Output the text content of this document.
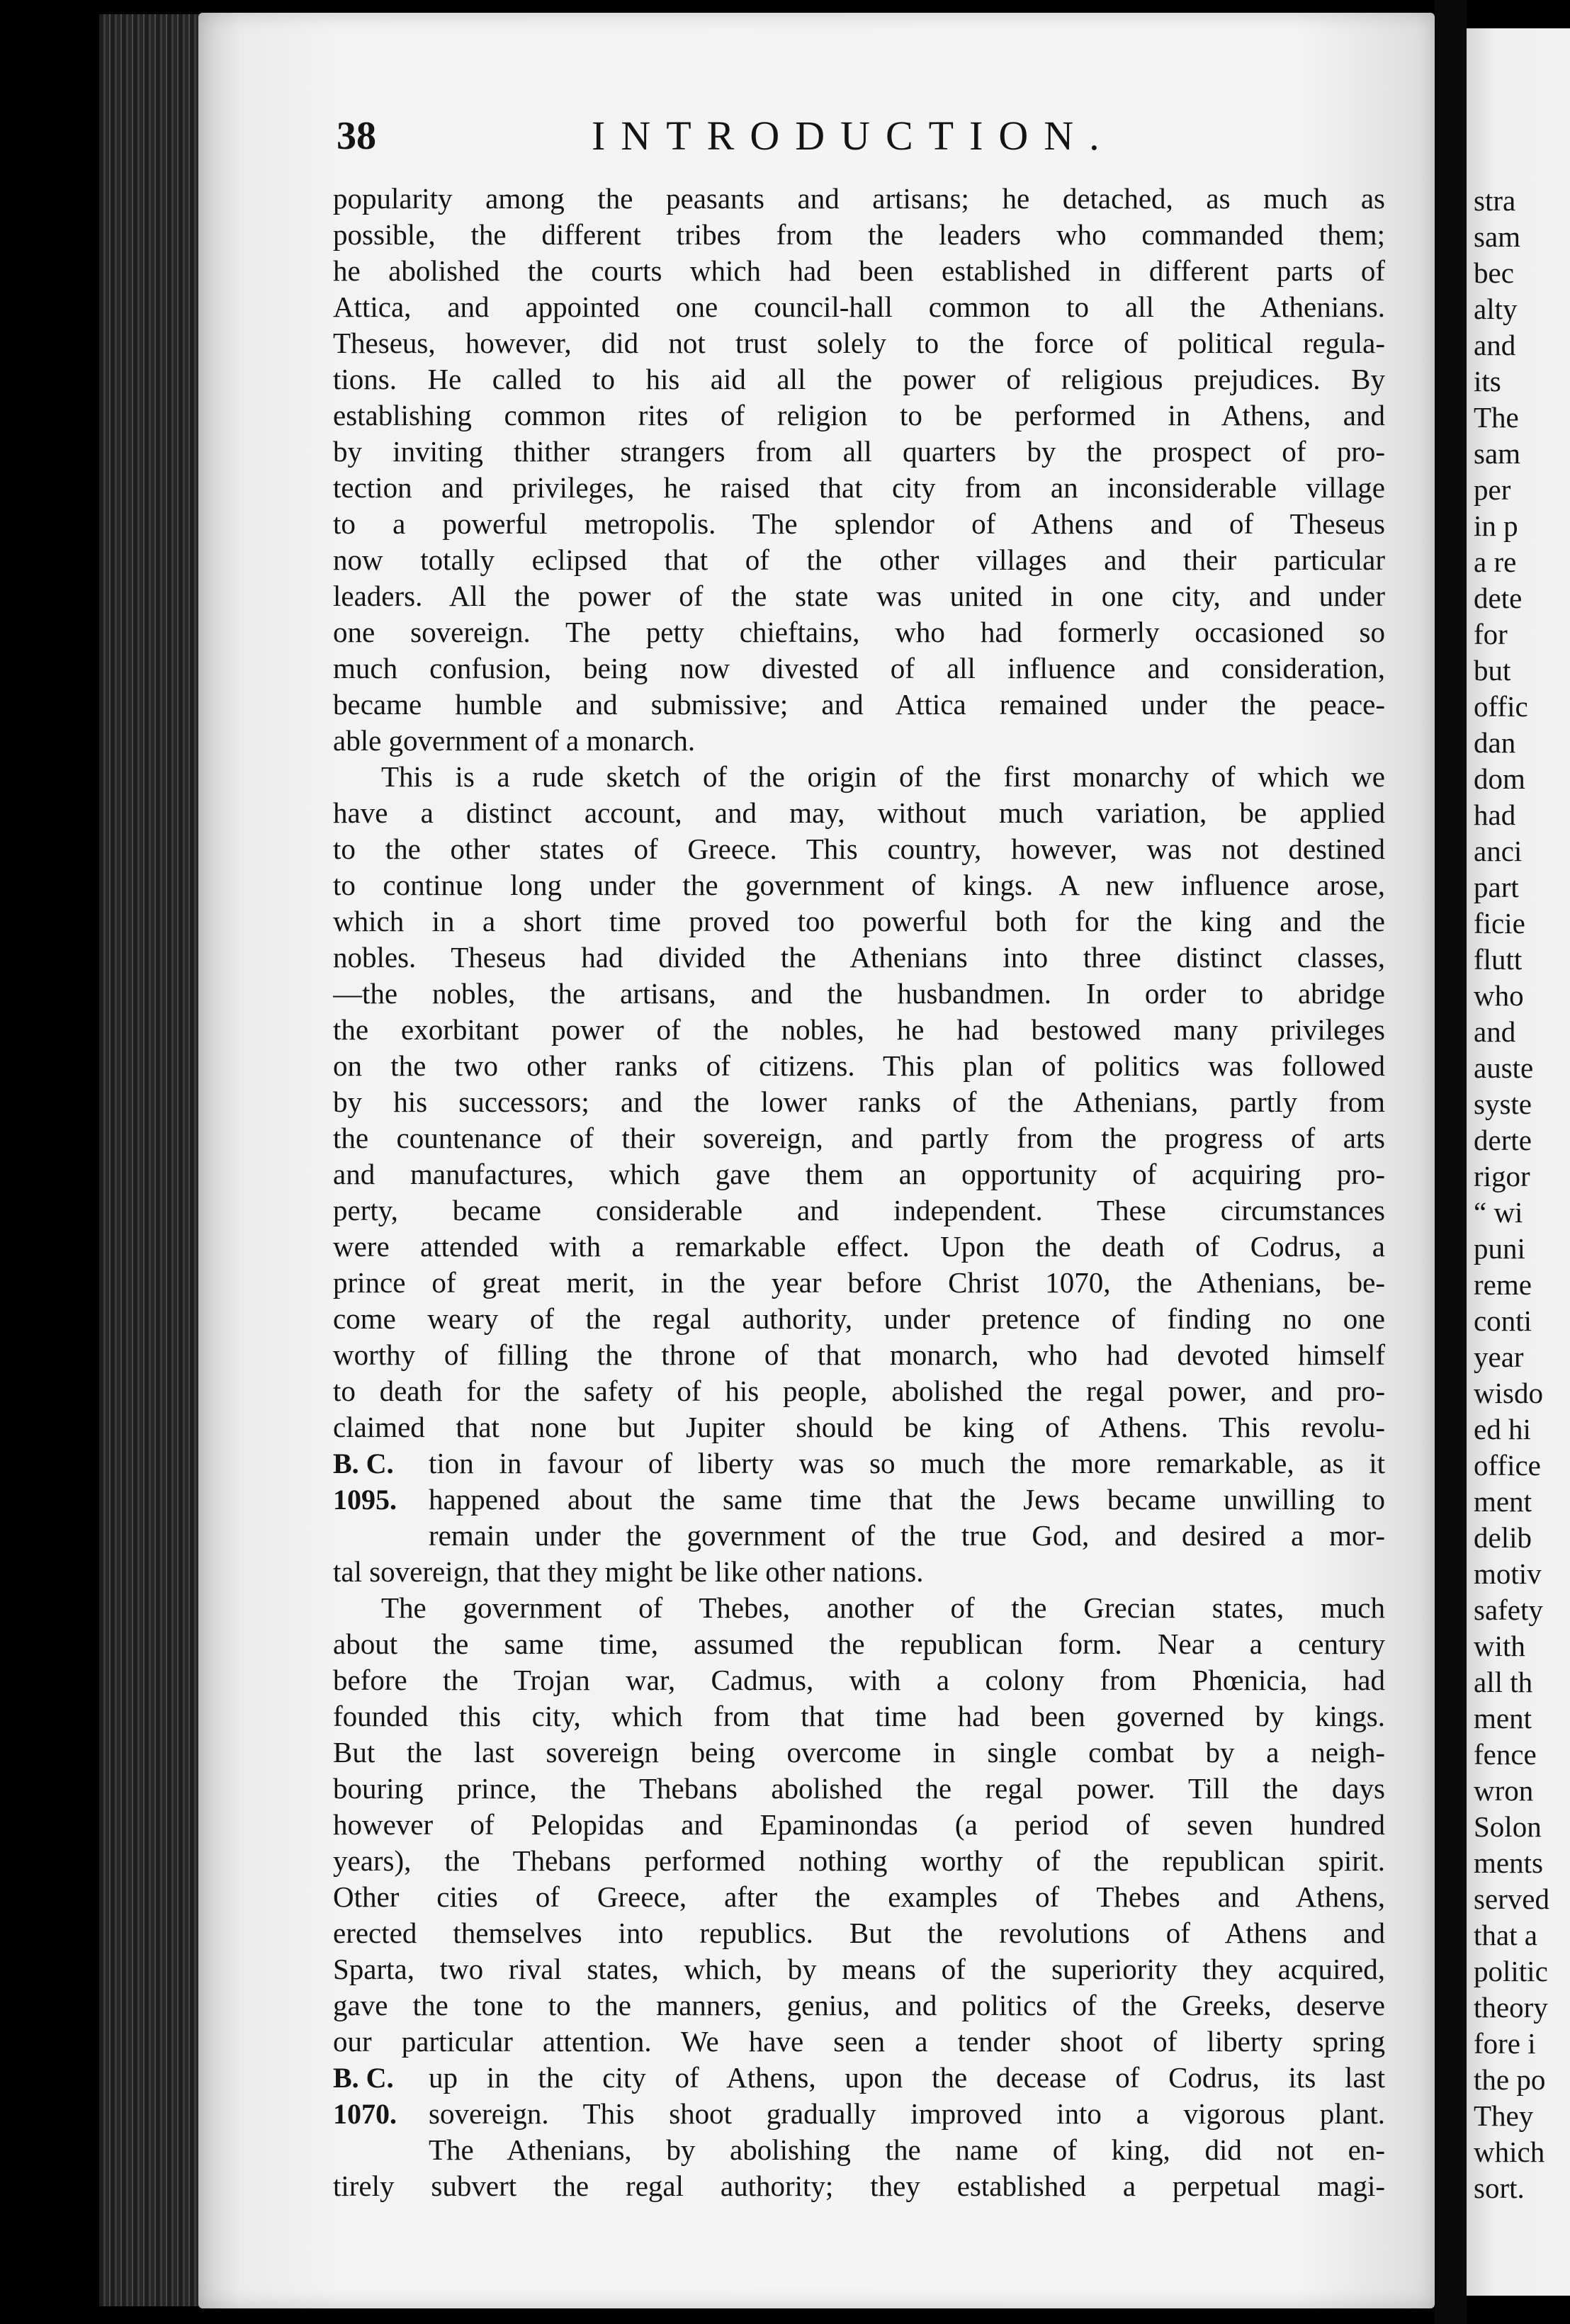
stra
sam
bec
alty
and
its
The
sam
per
in p
a re
dete
for
but
offic
dan
dom
had
anci
part
ficie
flutt
who
and
auste
syste
derte
rigor
“ wi
puni
reme
conti
year
wisdo
ed hi
office
ment
delib
motiv
safety
with
all th
ment
fence
wron
Solon
ments
served
that a
politic
theory
fore i
the po
They
which
sort.
38	INTRODUCTION.
popularity among the peasants and artisans; he detached, as much as
possible, the different tribes from the leaders who commanded them;
he abolished the courts which had been established in different parts of
Attica, and appointed one council-hall common to all the Athenians.
Theseus, however, did not trust solely to the force of political regula-
tions. He called to his aid all the power of religious prejudices. By
establishing common rites of religion to be performed in Athens, and
by inviting thither strangers from all quarters by the prospect of pro-
tection and privileges, he raised that city from an inconsiderable village
to a powerful metropolis. The splendor of Athens and of Theseus
now totally eclipsed that of the other villages and their particular
leaders. All the power of the state was united in one city, and under
one sovereign. The petty chieftains, who had formerly occasioned so
much confusion, being now divested of all influence and consideration,
became humble and submissive; and Attica remained under the peace-
able government of a monarch.
This is a rude sketch of the origin of the first monarchy of which we
have a distinct account, and may, without much variation, be applied
to the other states of Greece. This country, however, was not destined
to continue long under the government of kings. A new influence arose,
which in a short time proved too powerful both for the king and the
nobles. Theseus had divided the Athenians into three distinct classes,
—the nobles, the artisans, and the husbandmen. In order to abridge
the exorbitant power of the nobles, he had bestowed many privileges
on the two other ranks of citizens. This plan of politics was followed
by his successors; and the lower ranks of the Athenians, partly from
the countenance of their sovereign, and partly from the progress of arts
and manufactures, which gave them an opportunity of acquiring pro-
perty, became considerable and independent. These circumstances
were attended with a remarkable effect. Upon the death of Codrus, a
prince of great merit, in the year before Christ 1070, the Athenians, be-
come weary of the regal authority, under pretence of finding no one
worthy of filling the throne of that monarch, who had devoted himself
to death for the safety of his people, abolished the regal power, and pro-
claimed that none but Jupiter should be king of Athens. This revolu-
B. C.	tion in favour of liberty was so much the more remarkable, as it
1095.	happened about the same time that the Jews became unwilling to
remain under the government of the true God, and desired a mor-
tal sovereign, that they might be like other nations.
The government of Thebes, another of the Grecian states, much
about the same time, assumed the republican form. Near a century
before the Trojan war, Cadmus, with a colony from Phœnicia, had
founded this city, which from that time had been governed by kings.
But the last sovereign being overcome in single combat by a neigh-
bouring prince, the Thebans abolished the regal power. Till the days
however of Pelopidas and Epaminondas (a period of seven hundred
years), the Thebans performed nothing worthy of the republican spirit.
Other cities of Greece, after the examples of Thebes and Athens,
erected themselves into republics. But the revolutions of Athens and
Sparta, two rival states, which, by means of the superiority they acquired,
gave the tone to the manners, genius, and politics of the Greeks, deserve
our particular attention. We have seen a tender shoot of liberty spring
B. C.	up in the city of Athens, upon the decease of Codrus, its last
1070.	sovereign. This shoot gradually improved into a vigorous plant.
The Athenians, by abolishing the name of king, did not en-
tirely subvert the regal authority; they established a perpetual magi-
